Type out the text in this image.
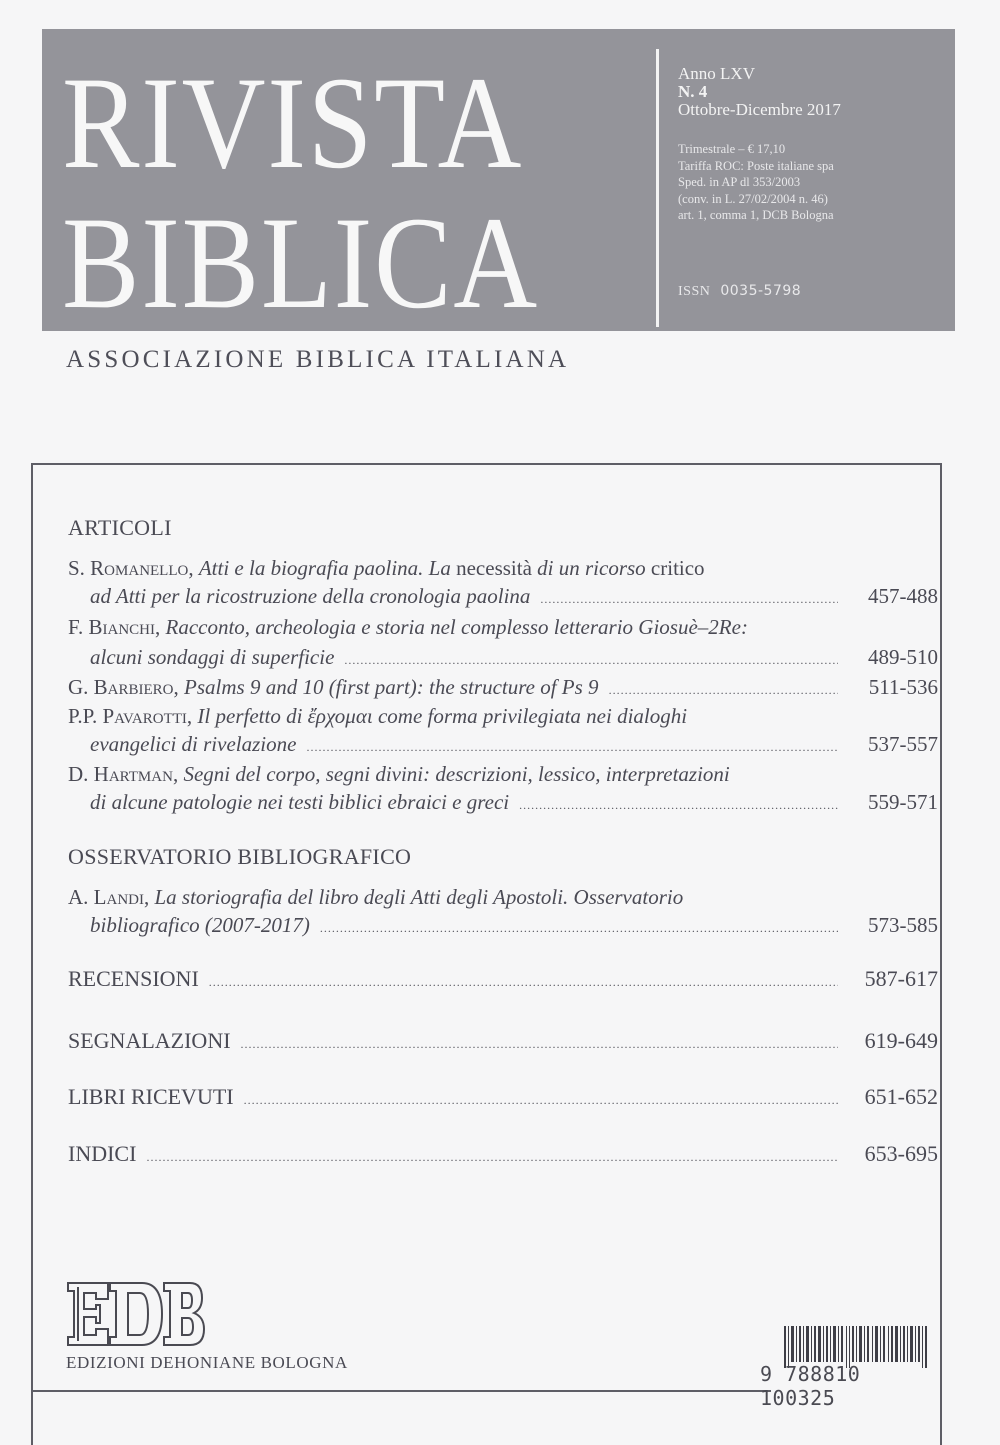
RIVISTA
BIBLICA
Anno LXV
N. 4
Ottobre-Dicembre 2017
Trimestrale – € 17,10
Tariffa ROC: Poste italiane spa
Sped. in AP dl 353/2003
(conv. in L. 27/02/2004 n. 46)
art. 1, comma 1, DCB Bologna
ISSN 0035-5798
ASSOCIAZIONE BIBLICA ITALIANA
ARTICOLI
S. Romanello, Atti e la biografia paolina. La necessità di un ricorso critico
ad Atti per la ricostruzione della cronologia paolina .....	457-488
F. Bianchi, Racconto, archeologia e storia nel complesso letterario Giosuè–2Re:
alcuni sondaggi di superficie .....	489-510
G. Barbiero, Psalms 9 and 10 (first part): the structure of Ps 9 .....	511-536
P.P. Pavarotti, Il perfetto di ἔρχομαι come forma privilegiata nei dialoghi
evangelici di rivelazione .....	537-557
D. Hartman, Segni del corpo, segni divini: descrizioni, lessico, interpretazioni
di alcune patologie nei testi biblici ebraici e greci .....	559-571
OSSERVATORIO BIBLIOGRAFICO
A. Landi, La storiografia del libro degli Atti degli Apostoli. Osservatorio
bibliografico (2007-2017) .....	573-585
RECENSIONI .....	587-617
SEGNALAZIONI .....	619-649
LIBRI RICEVUTI .....	651-652
INDICI .....	653-695
EDIZIONI DEHONIANE BOLOGNA	9 788810 100325
